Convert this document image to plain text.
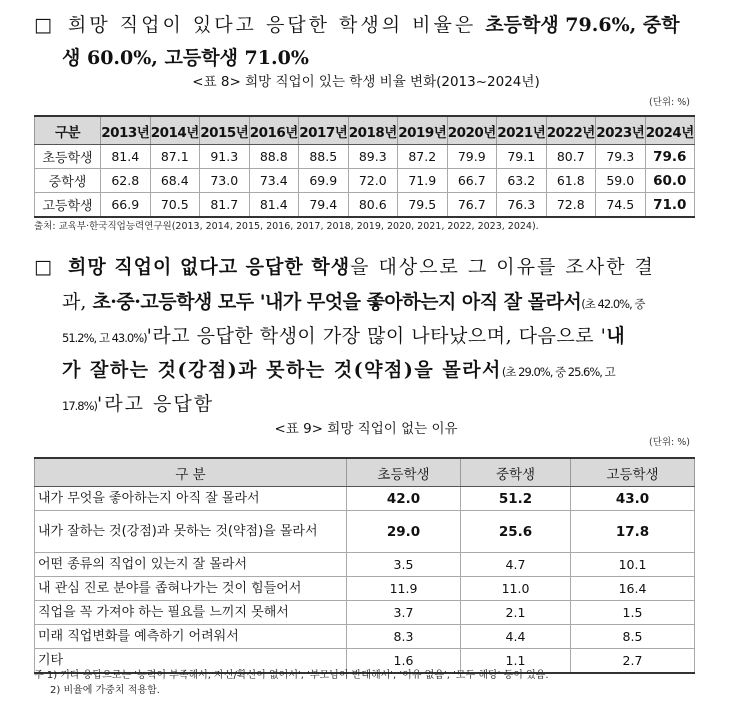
□ 희망 직업이 있다고 응답한 학생의 비율은 초등학생 79.6%, 중학
생 60.0%, 고등학생 71.0%
<표 8> 희망 직업이 있는 학생 비율 변화(2013~2024년)
(단위: %)
구분	2013년	2014년	2015년	2016년	2017년	2018년	2019년	2020년	2021년	2022년	2023년	2024년
초등학생	81.4	87.1	91.3	88.8	88.5	89.3	87.2	79.9	79.1	80.7	79.3	79.6
중학생	62.8	68.4	73.0	73.4	69.9	72.0	71.9	66.7	63.2	61.8	59.0	60.0
고등학생	66.9	70.5	81.7	81.4	79.4	80.6	79.5	76.7	76.3	72.8	74.5	71.0
출처: 교육부·한국직업능력연구원(2013, 2014, 2015, 2016, 2017, 2018, 2019, 2020, 2021, 2022, 2023, 2024).
□ 희망 직업이 없다고 응답한 학생을 대상으로 그 이유를 조사한 결
과, 초·중·고등학생 모두 '내가 무엇을 좋아하는지 아직 잘 몰라서(초 42.0%, 중
51.2%, 고 43.0%)'라고 응답한 학생이 가장 많이 나타났으며, 다음으로 '내
가 잘하는 것(강점)과 못하는 것(약점)을 몰라서(초 29.0%, 중 25.6%, 고
17.8%)'라고 응답함
<표 9> 희망 직업이 없는 이유
(단위: %)
구 분	초등학생	중학생	고등학생
내가 무엇을 좋아하는지 아직 잘 몰라서	42.0	51.2	43.0
내가 잘하는 것(강점)과 못하는 것(약점)을 몰라서	29.0	25.6	17.8
어떤 종류의 직업이 있는지 잘 몰라서	3.5	4.7	10.1
내 관심 진로 분야를 좁혀나가는 것이 힘들어서	11.9	11.0	16.4
직업을 꼭 가져야 하는 필요를 느끼지 못해서	3.7	2.1	1.5
미래 직업변화를 예측하기 어려워서	8.3	4.4	8.5
기타	1.6	1.1	2.7
주 1) 기타 응답으로는 '능력이 부족해서, 자신/확신이 없어서', '부모님이 반대해서', '이유 없음', '모두 해당' 등이 있음.
2) 비율에 가중치 적용함.
